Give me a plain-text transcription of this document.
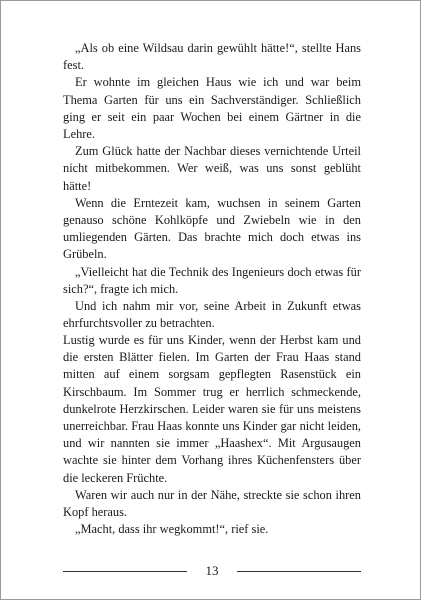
„Als ob eine Wildsau darin gewühlt hätte!“, stellte Hans fest.

Er wohnte im gleichen Haus wie ich und war beim Thema Garten für uns ein Sachverständiger. Schließlich ging er seit ein paar Wochen bei einem Gärtner in die Lehre.

Zum Glück hatte der Nachbar dieses vernichtende Urteil nicht mitbekommen. Wer weiß, was uns sonst geblüht hätte!

Wenn die Erntezeit kam, wuchsen in seinem Garten genauso schöne Kohlköpfe und Zwiebeln wie in den umliegenden Gärten. Das brachte mich doch etwas ins Grübeln.

„Vielleicht hat die Technik des Ingenieurs doch etwas für sich?“, fragte ich mich.

Und ich nahm mir vor, seine Arbeit in Zukunft etwas ehrfurchtsvoller zu betrachten.

Lustig wurde es für uns Kinder, wenn der Herbst kam und die ersten Blätter fielen. Im Garten der Frau Haas stand mitten auf einem sorgsam gepflegten Rasenstück ein Kirschbaum. Im Sommer trug er herrlich schmeckende, dunkelrote Herzkirschen. Leider waren sie für uns meistens unerreichbar. Frau Haas konnte uns Kinder gar nicht leiden, und wir nannten sie immer „Haashex“. Mit Argusaugen wachte sie hinter dem Vorhang ihres Küchenfensters über die leckeren Früchte.

Waren wir auch nur in der Nähe, streckte sie schon ihren Kopf heraus.

„Macht, dass ihr wegkommt!“, rief sie.

13
